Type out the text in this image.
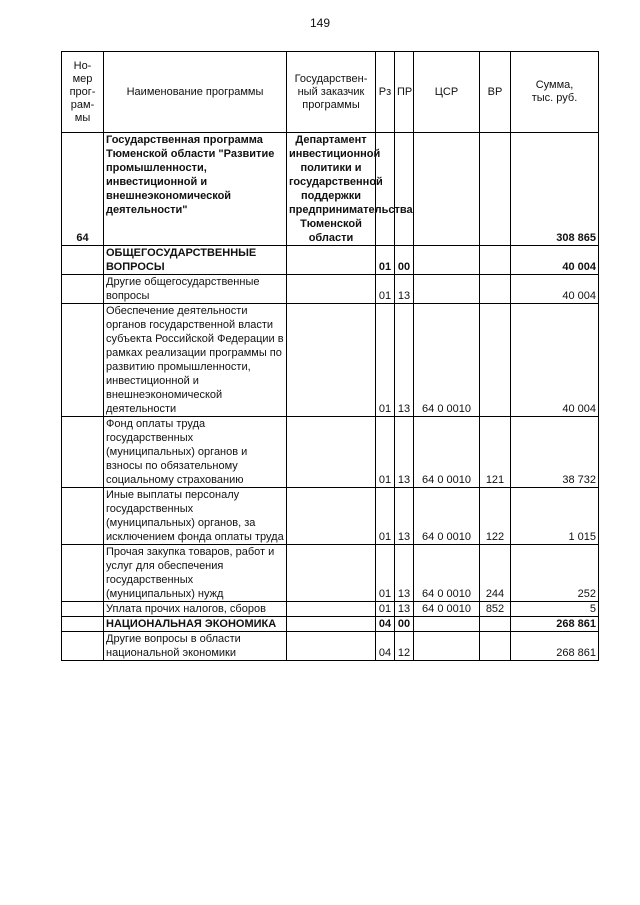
149
Но-
мер
прог-
рам-
мы	Наименование программы	Государствен-
ный заказчик
программы	Рз	ПР	ЦСР	ВР	Сумма,
тыс. руб.
64	Государственная программа Тюменской области "Развитие промышленности, инвестиционной и внешнеэкономической деятельности"	Департамент инвестиционной политики и государственной поддержки предпринимательства Тюменской области					308 865
	ОБЩЕГОСУДАРСТВЕННЫЕ ВОПРОСЫ		01	00			40 004
	Другие общегосударственные вопросы		01	13			40 004
	Обеспечение деятельности органов государственной власти субъекта Российской Федерации в рамках реализации программы по развитию промышленности, инвестиционной и внешнеэкономической деятельности		01	13	64 0 0010		40 004
	Фонд оплаты труда государственных (муниципальных) органов и взносы по обязательному социальному страхованию		01	13	64 0 0010	121	38 732
	Иные выплаты персоналу государственных (муниципальных) органов, за исключением фонда оплаты труда		01	13	64 0 0010	122	1 015
	Прочая закупка товаров, работ и услуг для обеспечения государственных (муниципальных) нужд		01	13	64 0 0010	244	252
	Уплата прочих налогов, сборов		01	13	64 0 0010	852	5
	НАЦИОНАЛЬНАЯ ЭКОНОМИКА		04	00			268 861
	Другие вопросы в области национальной экономики		04	12			268 861
